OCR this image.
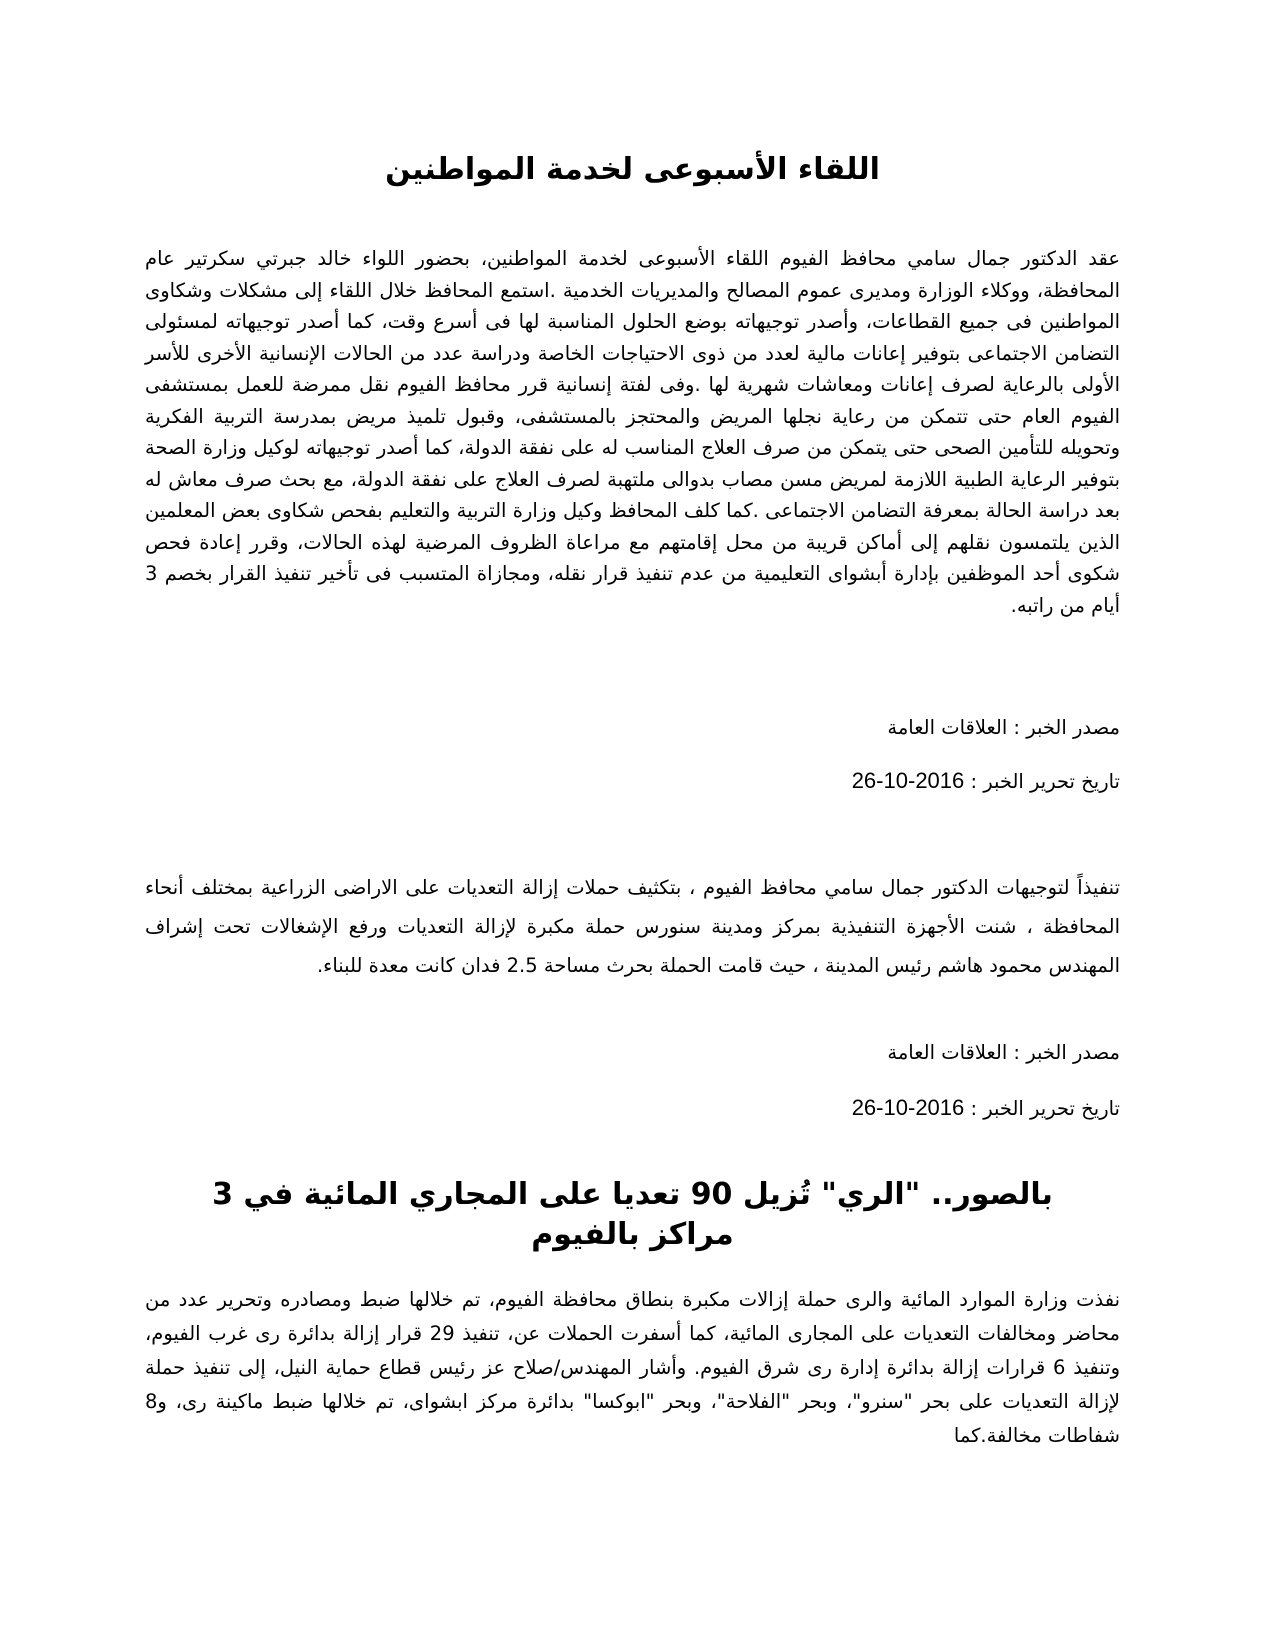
اللقاء الأسبوعى لخدمة المواطنين

عقد الدكتور جمال سامي محافظ الفيوم اللقاء الأسبوعى لخدمة المواطنين، بحضور اللواء خالد جبرتي سكرتير عام المحافظة، ووكلاء الوزارة ومديرى عموم المصالح والمديريات الخدمية .استمع المحافظ خلال اللقاء إلى مشكلات وشكاوى المواطنين فى جميع القطاعات، وأصدر توجيهاته بوضع الحلول المناسبة لها فى أسرع وقت، كما أصدر توجيهاته لمسئولى التضامن الاجتماعى بتوفير إعانات مالية لعدد من ذوى الاحتياجات الخاصة ودراسة عدد من الحالات الإنسانية الأخرى للأسر الأولى بالرعاية لصرف إعانات ومعاشات شهرية لها .وفى لفتة إنسانية قرر محافظ الفيوم نقل ممرضة للعمل بمستشفى الفيوم العام حتى تتمكن من رعاية نجلها المريض والمحتجز بالمستشفى، وقبول تلميذ مريض بمدرسة التربية الفكرية وتحويله للتأمين الصحى حتى يتمكن من صرف العلاج المناسب له على نفقة الدولة، كما أصدر توجيهاته لوكيل وزارة الصحة بتوفير الرعاية الطبية اللازمة لمريض مسن مصاب بدوالى ملتهبة لصرف العلاج على نفقة الدولة، مع بحث صرف معاش له بعد دراسة الحالة بمعرفة التضامن الاجتماعى .كما كلف المحافظ وكيل وزارة التربية والتعليم بفحص شكاوى بعض المعلمين الذين يلتمسون نقلهم إلى أماكن قريبة من محل إقامتهم مع مراعاة الظروف المرضية لهذه الحالات، وقرر إعادة فحص شكوى أحد الموظفين بإدارة أبشواى التعليمية من عدم تنفيذ قرار نقله، ومجازاة المتسبب فى تأخير تنفيذ القرار بخصم 3 أيام من راتبه.

مصدر الخبر : العلاقات العامة

تاريخ تحرير الخبر : 2016-10-26

تنفيذاً لتوجيهات الدكتور جمال سامي محافظ الفيوم ، بتكثيف حملات إزالة التعديات على الاراضى الزراعية بمختلف أنحاء المحافظة ، شنت الأجهزة التنفيذية بمركز ومدينة سنورس حملة مكبرة لإزالة التعديات ورفع الإشغالات تحت إشراف المهندس محمود هاشم رئيس المدينة ، حيث قامت الحملة بحرث مساحة 2.5 فدان كانت معدة للبناء.

مصدر الخبر : العلاقات العامة

تاريخ تحرير الخبر : 2016-10-26

بالصور.. "الري" تُزيل 90 تعديا على المجاري المائية في 3 مراكز بالفيوم

نفذت وزارة الموارد المائية والرى حملة إزالات مكبرة بنطاق محافظة الفيوم، تم خلالها ضبط ومصادره وتحرير عدد من محاضر ومخالفات التعديات على المجارى المائية، كما أسفرت الحملات عن، تنفيذ 29 قرار إزالة بدائرة رى غرب الفيوم، وتنفيذ 6 قرارات إزالة بدائرة إدارة رى شرق الفيوم. وأشار المهندس/صلاح عز رئيس قطاع حماية النيل، إلى تنفيذ حملة لإزالة التعديات على بحر "سنرو"، وبحر "الفلاحة"، وبحر "ابوكسا" بدائرة مركز ابشواى، تم خلالها ضبط ماكينة رى، و8 شفاطات مخالفة.كما
